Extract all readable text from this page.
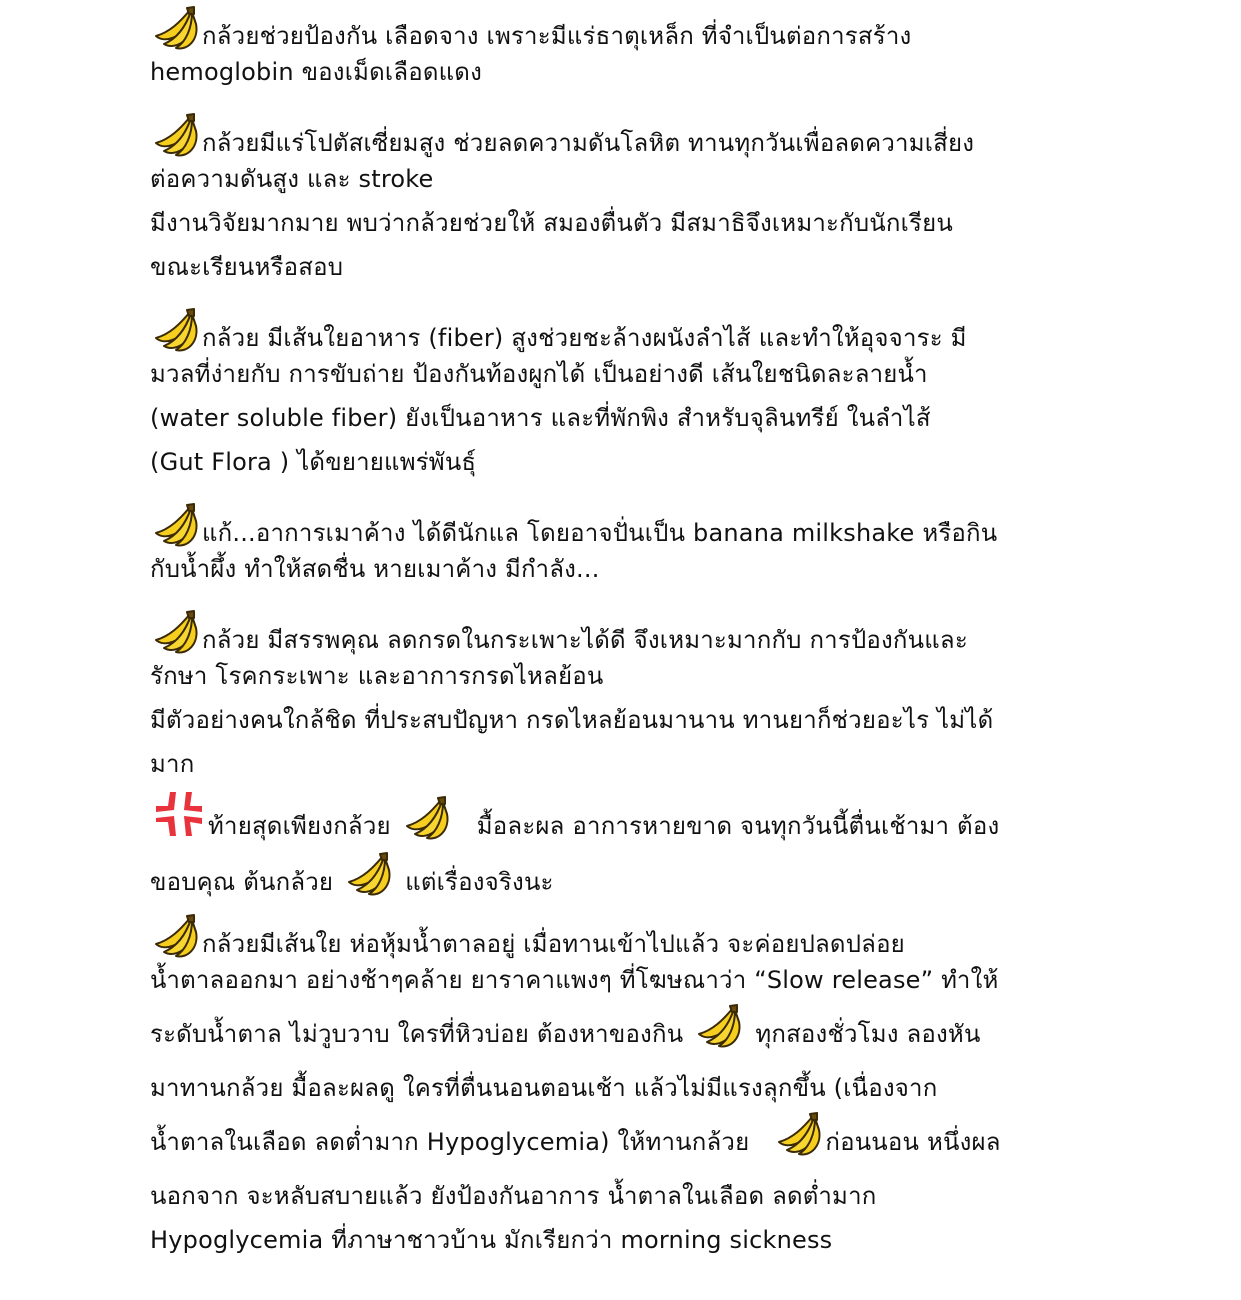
กล้วยช่วยป้องกัน เลือดจาง เพราะมีแร่ธาตุเหล็ก ที่จำเป็นต่อการสร้าง
hemoglobin ของเม็ดเลือดแดง
กล้วยมีแร่โปตัสเซี่ยมสูง ช่วยลดความดันโลหิต ทานทุกวันเพื่อลดความเสี่ยง
ต่อความดันสูง และ stroke
มีงานวิจัยมากมาย พบว่ากล้วยช่วยให้ สมองตื่นตัว มีสมาธิจึงเหมาะกับนักเรียน
ขณะเรียนหรือสอบ
กล้วย มีเส้นใยอาหาร (fiber) สูงช่วยชะล้างผนังลำไส้ และทำให้อุจจาระ มี
มวลที่ง่ายกับ การขับถ่าย ป้องกันท้องผูกได้ เป็นอย่างดี เส้นใยชนิดละลายน้ำ
(water soluble fiber) ยังเป็นอาหาร และที่พักพิง สำหรับจุลินทรีย์ ในลำไส้
(Gut Flora ) ได้ขยายแพร่พันธุ์
แก้...อาการเมาค้าง ได้ดีนักแล โดยอาจปั่นเป็น banana milkshake หรือกิน
กับน้ำผึ้ง ทำให้สดชื่น หายเมาค้าง มีกำลัง...
กล้วย มีสรรพคุณ ลดกรดในกระเพาะได้ดี จึงเหมาะมากกับ การป้องกันและ
รักษา โรคกระเพาะ และอาการกรดไหลย้อน
มีตัวอย่างคนใกล้ชิด ที่ประสบปัญหา กรดไหลย้อนมานาน ทานยาก็ช่วยอะไร ไม่ได้
มาก
ท้ายสุดเพียงกล้วย	มื้อละผล อาการหายขาด จนทุกวันนี้ตื่นเช้ามา ต้อง
ขอบคุณ ต้นกล้วย	แต่เรื่องจริงนะ
กล้วยมีเส้นใย ห่อหุ้มน้ำตาลอยู่ เมื่อทานเข้าไปแล้ว จะค่อยปลดปล่อย
น้ำตาลออกมา อย่างช้าๆคล้าย ยาราคาแพงๆ ที่โฆษณาว่า “Slow release” ทำให้
ระดับน้ำตาล ไม่วูบวาบ ใครที่หิวบ่อย ต้องหาของกิน	ทุกสองชั่วโมง ลองหัน
มาทานกล้วย มื้อละผลดู ใครที่ตื่นนอนตอนเช้า แล้วไม่มีแรงลุกขึ้น (เนื่องจาก
น้ำตาลในเลือด ลดต่ำมาก Hypoglycemia) ให้ทานกล้วย	ก่อนนอน หนึ่งผล
นอกจาก จะหลับสบายแล้ว ยังป้องกันอาการ น้ำตาลในเลือด ลดต่ำมาก
Hypoglycemia ที่ภาษาชาวบ้าน มักเรียกว่า morning sickness
